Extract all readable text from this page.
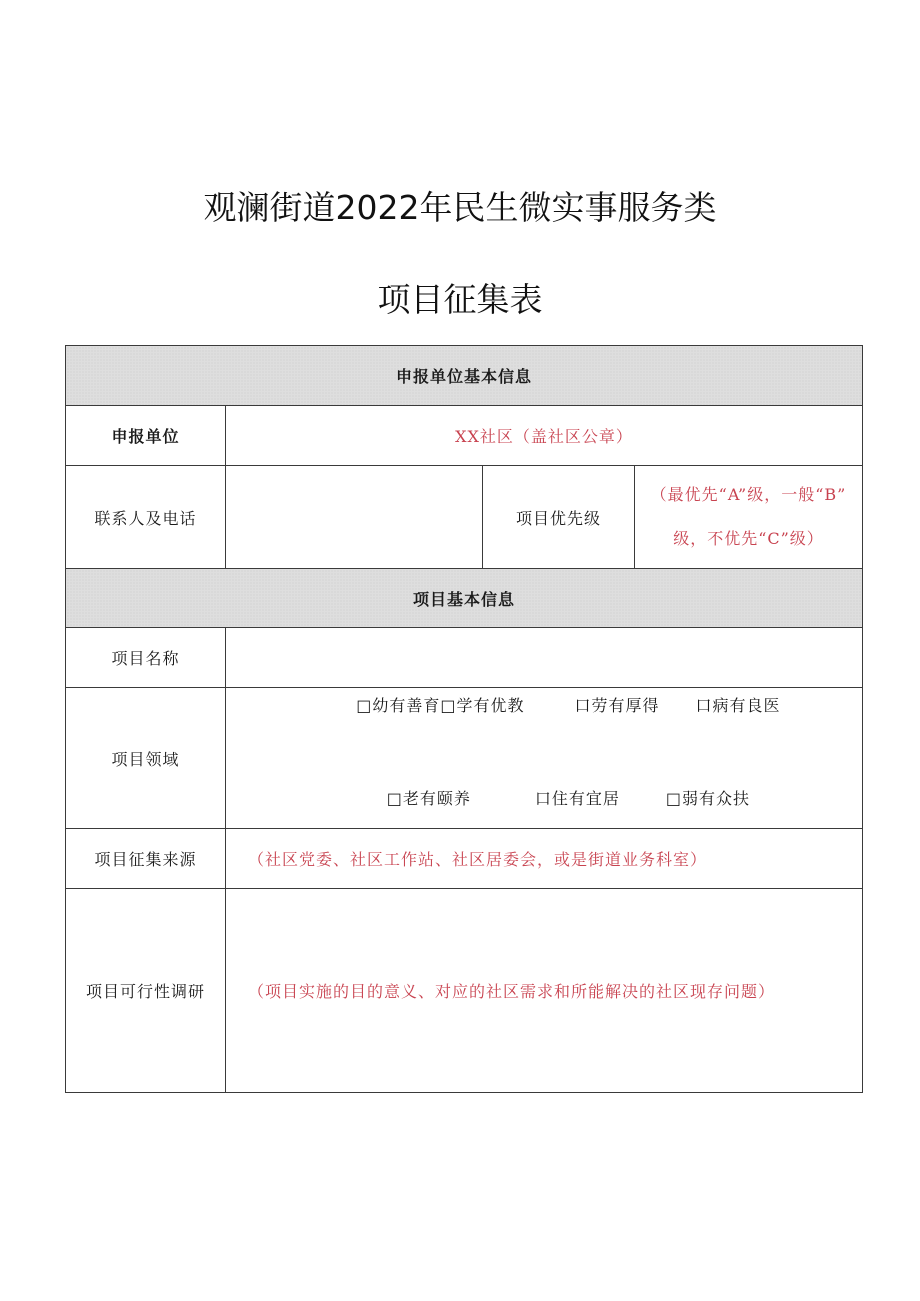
观澜街道2022年民生微实事服务类
项目征集表
申报单位基本信息			
申报单位	XX社区（盖社区公章）		
联系人及电话		项目优先级	（最优先“A”级，一般“B”
级，不优先“C”级）

项目基本信息			
项目名称			
项目领域	□幼有善育□学有优教 口劳有厚得 口病有良医

□老有颐养 口住有宜居 □弱有众扶		

项目征集来源	（社区党委、社区工作站、社区居委会，或是街道业务科室）		
项目可行性调研	（项目实施的目的意义、对应的社区需求和所能解决的社区现存问题）		
